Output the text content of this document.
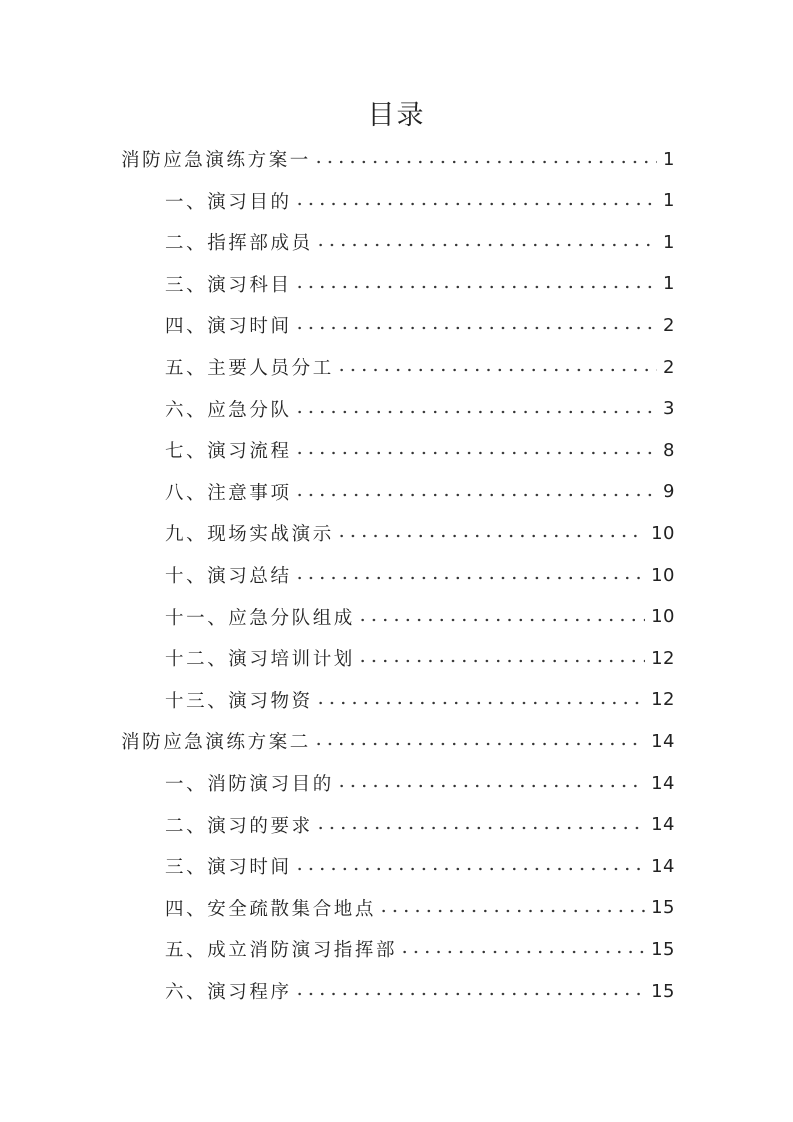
目录
消防应急演练方案一	1
一、演习目的	1
二、指挥部成员	1
三、演习科目	1
四、演习时间	2
五、主要人员分工	2
六、应急分队	3
七、演习流程	8
八、注意事项	9
九、现场实战演示	10
十、演习总结	10
十一、应急分队组成	10
十二、演习培训计划	12
十三、演习物资	12
消防应急演练方案二	14
一、消防演习目的	14
二、演习的要求	14
三、演习时间	14
四、安全疏散集合地点	15
五、成立消防演习指挥部	15
六、演习程序	15
